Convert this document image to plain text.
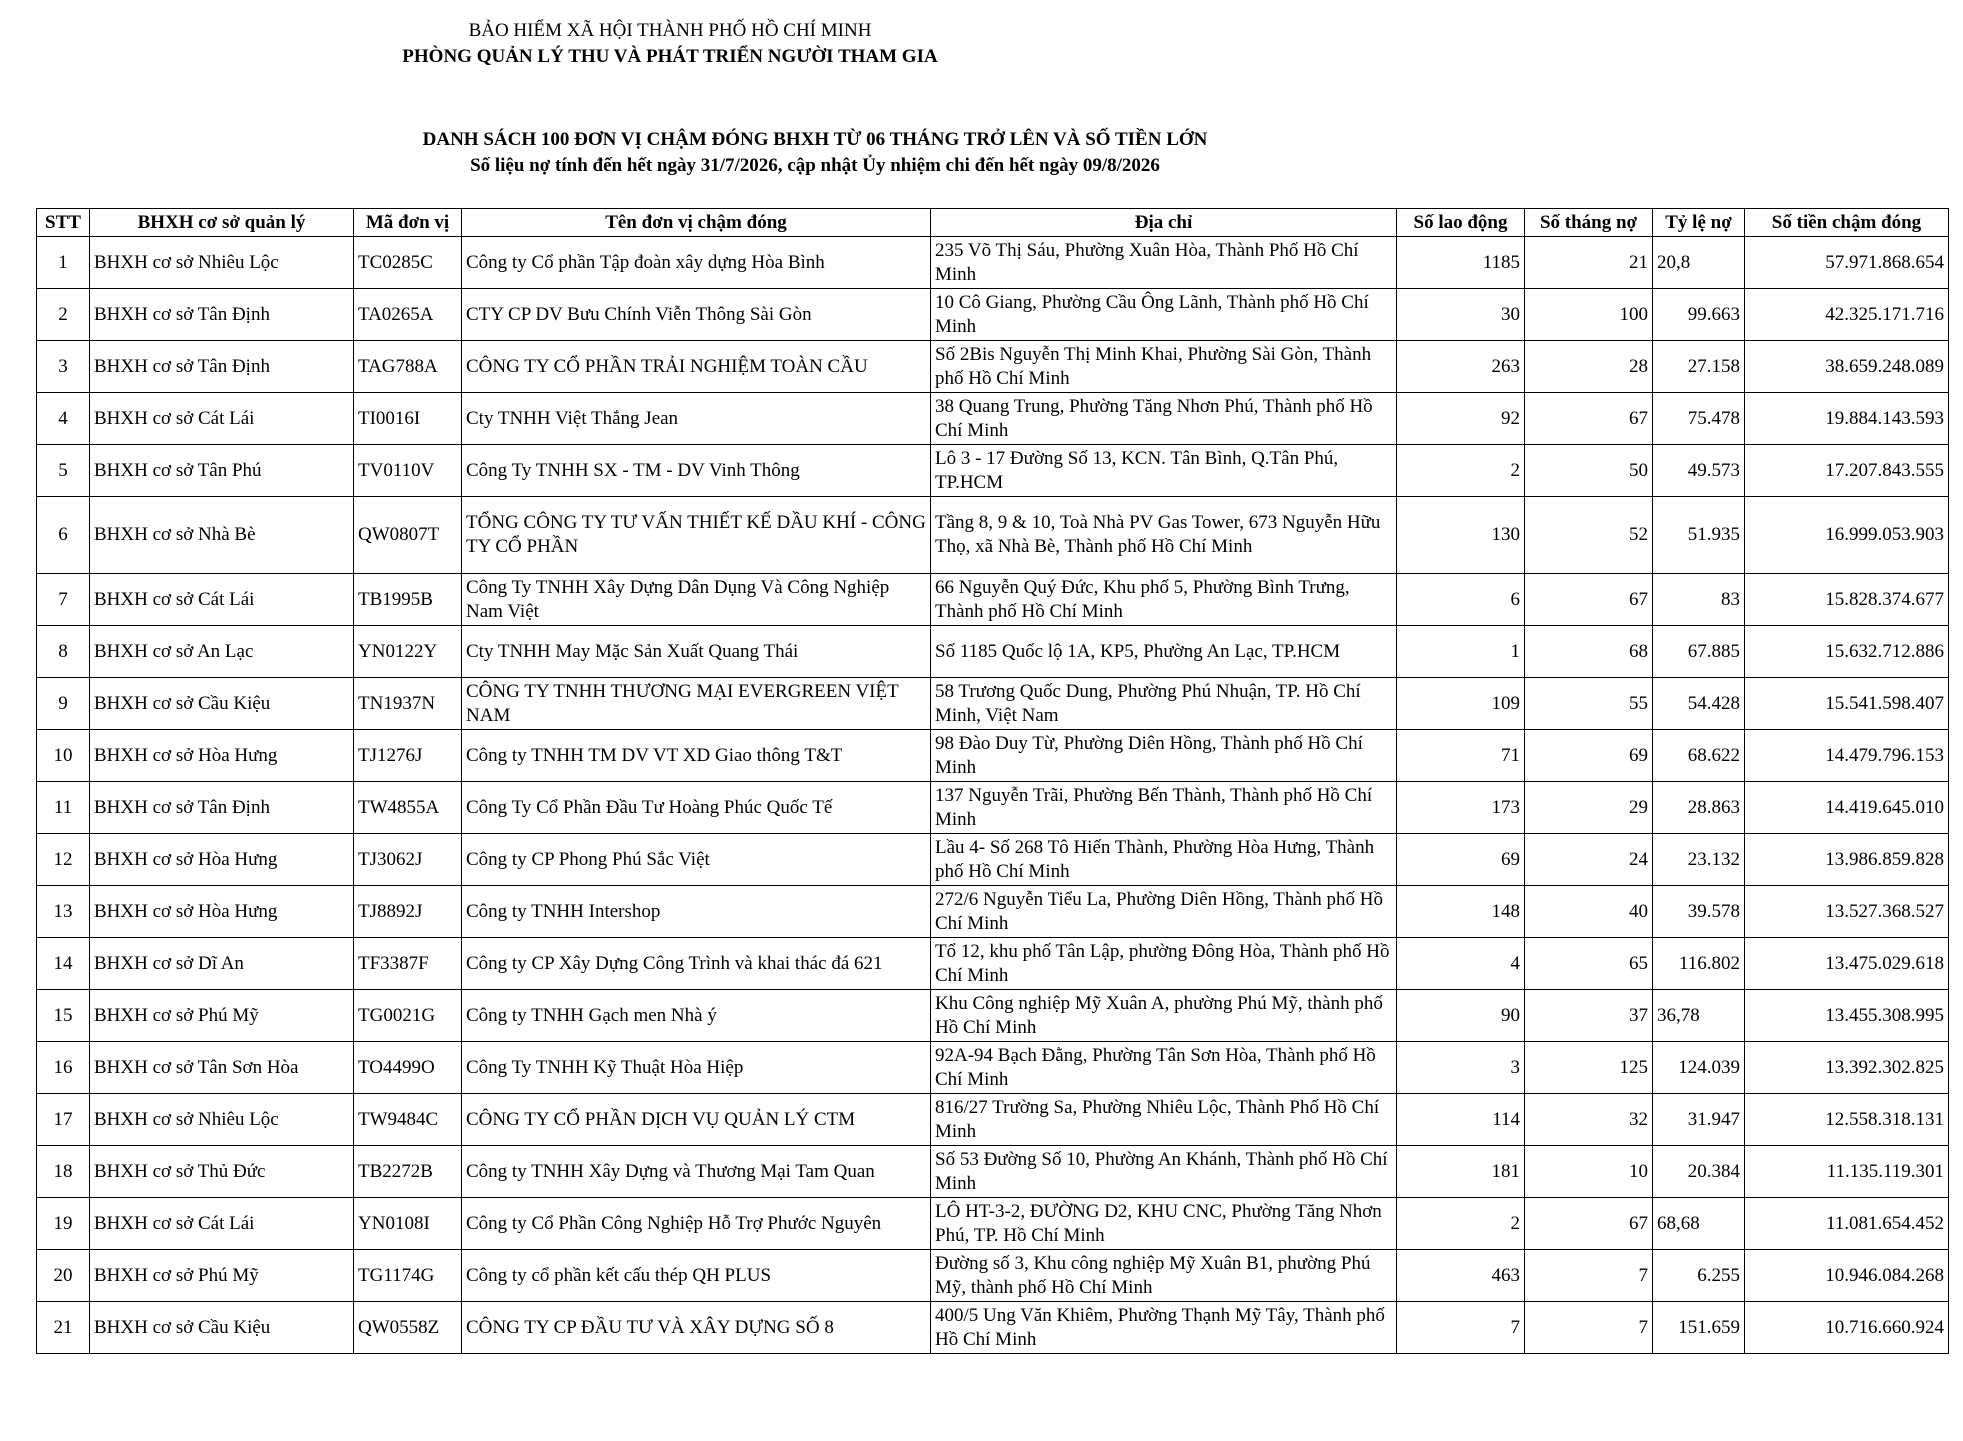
BẢO HIỂM XÃ HỘI THÀNH PHỐ HỒ CHÍ MINH
PHÒNG QUẢN LÝ THU VÀ PHÁT TRIỂN NGƯỜI THAM GIA
DANH SÁCH 100 ĐƠN VỊ CHẬM ĐÓNG BHXH TỪ 06 THÁNG TRỞ LÊN VÀ SỐ TIỀN LỚN
Số liệu nợ tính đến hết ngày 31/7/2026, cập nhật Ủy nhiệm chi đến hết ngày 09/8/2026
STT	BHXH cơ sở quản lý	Mã đơn vị	Tên đơn vị chậm đóng	Địa chỉ	Số lao động	Số tháng nợ	Tỷ lệ nợ	Số tiền chậm đóng
1	BHXH cơ sở Nhiêu Lộc	TC0285C	Công ty Cổ phần Tập đoàn xây dựng Hòa Bình	235 Võ Thị Sáu, Phường Xuân Hòa, Thành Phố Hồ Chí Minh	1185	21	20,8	57.971.868.654
2	BHXH cơ sở Tân Định	TA0265A	CTY CP DV Bưu Chính Viễn Thông Sài Gòn	10 Cô Giang, Phường Cầu Ông Lãnh, Thành phố Hồ Chí Minh	30	100	99.663	42.325.171.716
3	BHXH cơ sở Tân Định	TAG788A	CÔNG TY CỔ PHẦN TRẢI NGHIỆM TOÀN CẦU	Số 2Bis Nguyễn Thị Minh Khai, Phường Sài Gòn, Thành phố Hồ Chí Minh	263	28	27.158	38.659.248.089
4	BHXH cơ sở Cát Lái	TI0016I	Cty TNHH Việt Thắng Jean	38 Quang Trung, Phường Tăng Nhơn Phú, Thành phố Hồ Chí Minh	92	67	75.478	19.884.143.593
5	BHXH cơ sở Tân Phú	TV0110V	Công Ty TNHH SX - TM - DV Vinh Thông	Lô 3 - 17 Đường Số 13, KCN. Tân Bình, Q.Tân Phú, TP.HCM	2	50	49.573	17.207.843.555
6	BHXH cơ sở Nhà Bè	QW0807T	TỔNG CÔNG TY TƯ VẤN THIẾT KẾ DẦU KHÍ - CÔNG TY CỔ PHẦN	Tầng 8, 9 & 10, Toà Nhà PV Gas Tower, 673 Nguyễn Hữu Thọ, xã Nhà Bè, Thành phố Hồ Chí Minh	130	52	51.935	16.999.053.903
7	BHXH cơ sở Cát Lái	TB1995B	Công Ty TNHH Xây Dựng Dân Dụng Và Công Nghiệp Nam Việt	66 Nguyễn Quý Đức, Khu phố 5, Phường Bình Trưng, Thành phố Hồ Chí Minh	6	67	83	15.828.374.677
8	BHXH cơ sở An Lạc	YN0122Y	Cty TNHH May Mặc Sản Xuất Quang Thái	Số 1185 Quốc lộ 1A, KP5, Phường An Lạc, TP.HCM	1	68	67.885	15.632.712.886
9	BHXH cơ sở Cầu Kiệu	TN1937N	CÔNG TY TNHH THƯƠNG MẠI EVERGREEN VIỆT NAM	58 Trương Quốc Dung, Phường Phú Nhuận, TP. Hồ Chí Minh, Việt Nam	109	55	54.428	15.541.598.407
10	BHXH cơ sở Hòa Hưng	TJ1276J	Công ty TNHH TM DV VT XD Giao thông T&T	98 Đào Duy Từ, Phường Diên Hồng, Thành phố Hồ Chí Minh	71	69	68.622	14.479.796.153
11	BHXH cơ sở Tân Định	TW4855A	Công Ty Cổ Phần Đầu Tư Hoàng Phúc Quốc Tế	137 Nguyễn Trãi, Phường Bến Thành, Thành phố Hồ Chí Minh	173	29	28.863	14.419.645.010
12	BHXH cơ sở Hòa Hưng	TJ3062J	Công ty CP Phong Phú Sắc Việt	Lầu 4- Số 268 Tô Hiến Thành, Phường Hòa Hưng, Thành phố Hồ Chí Minh	69	24	23.132	13.986.859.828
13	BHXH cơ sở Hòa Hưng	TJ8892J	Công ty TNHH Intershop	272/6 Nguyễn Tiểu La, Phường Diên Hồng, Thành phố Hồ Chí Minh	148	40	39.578	13.527.368.527
14	BHXH cơ sở Dĩ An	TF3387F	Công ty CP Xây Dựng Công Trình và khai thác đá 621	Tổ 12, khu phố Tân Lập, phường Đông Hòa, Thành phố Hồ Chí Minh	4	65	116.802	13.475.029.618
15	BHXH cơ sở Phú Mỹ	TG0021G	Công ty TNHH Gạch men Nhà ý	Khu Công nghiệp Mỹ Xuân A, phường Phú Mỹ, thành phố Hồ Chí Minh	90	37	36,78	13.455.308.995
16	BHXH cơ sở Tân Sơn Hòa	TO4499O	Công Ty TNHH Kỹ Thuật Hòa Hiệp	92A-94 Bạch Đằng, Phường Tân Sơn Hòa, Thành phố Hồ Chí Minh	3	125	124.039	13.392.302.825
17	BHXH cơ sở Nhiêu Lộc	TW9484C	CÔNG TY CỔ PHẦN DỊCH VỤ QUẢN LÝ CTM	816/27 Trường Sa, Phường Nhiêu Lộc, Thành Phố Hồ Chí Minh	114	32	31.947	12.558.318.131
18	BHXH cơ sở Thủ Đức	TB2272B	Công ty TNHH Xây Dựng và Thương Mại Tam Quan	Số 53 Đường Số 10, Phường An Khánh, Thành phố Hồ Chí Minh	181	10	20.384	11.135.119.301
19	BHXH cơ sở Cát Lái	YN0108I	Công ty Cổ Phần Công Nghiệp Hỗ Trợ Phước Nguyên	LÔ HT-3-2, ĐƯỜNG D2, KHU CNC, Phường Tăng Nhơn Phú, TP. Hồ Chí Minh	2	67	68,68	11.081.654.452
20	BHXH cơ sở Phú Mỹ	TG1174G	Công ty cổ phần kết cấu thép QH PLUS	Đường số 3, Khu công nghiệp Mỹ Xuân B1, phường Phú Mỹ, thành phố Hồ Chí Minh	463	7	6.255	10.946.084.268
21	BHXH cơ sở Cầu Kiệu	QW0558Z	CÔNG TY CP ĐẦU TƯ VÀ XÂY DỰNG SỐ 8	400/5 Ung Văn Khiêm, Phường Thạnh Mỹ Tây, Thành phố Hồ Chí Minh	7	7	151.659	10.716.660.924
